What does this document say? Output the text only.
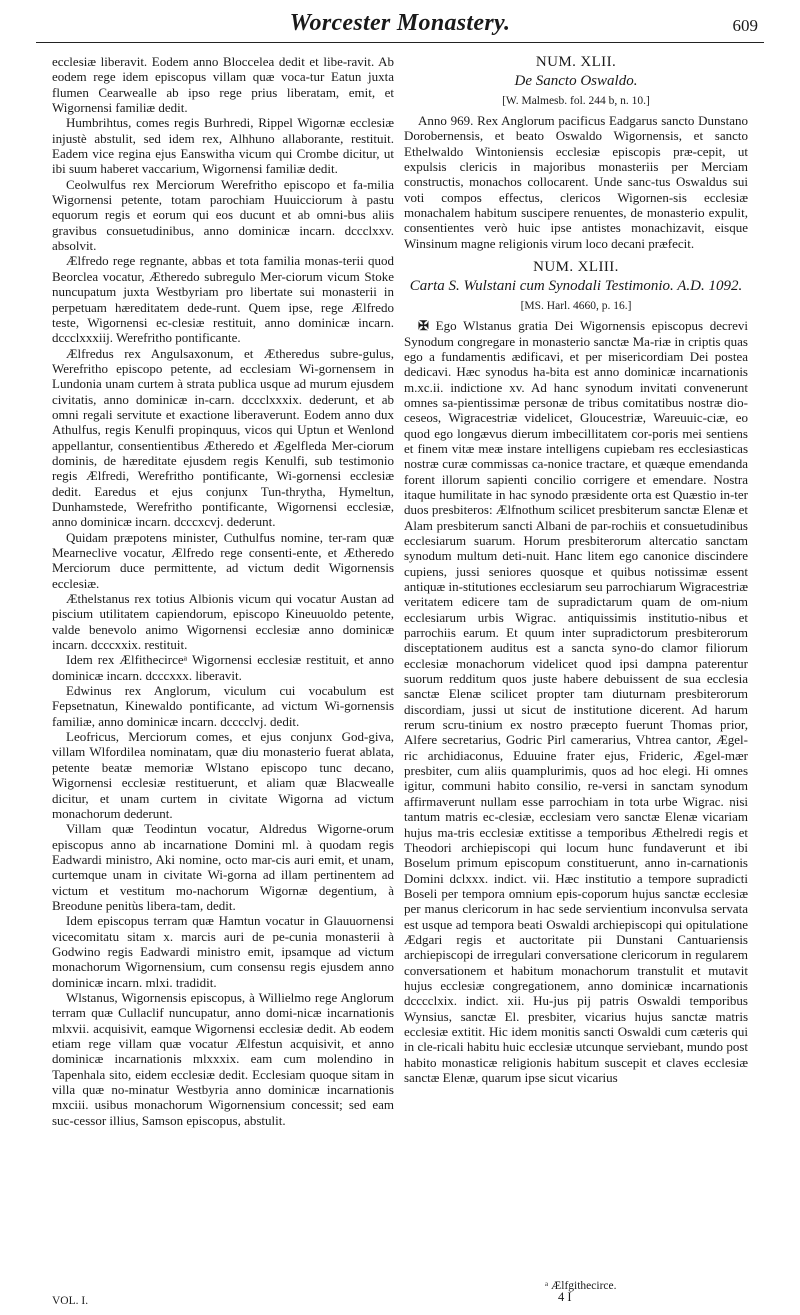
Worcester Monastery.	609

ecclesiæ liberavit. Eodem anno Bloccelea dedit et libe-ravit. Ab eodem rege idem episcopus villam quæ voca-tur Eatun juxta flumen Cearwealle ab ipso rege prius liberatam, emit, et Wigornensi familiæ dedit.

Humbrihtus, comes regis Burhredi, Rippel Wigornæ ecclesiæ injustè abstulit, sed idem rex, Alhhuno allaborante, restituit. Eadem vice regina ejus Eanswitha vicum qui Crombe dicitur, ut ibi suum haberet vaccarium, Wigornensi familiæ dedit.

Ceolwulfus rex Merciorum Werefritho episcopo et fa-milia Wigornensi petente, totam parochiam Huuicciorum à pastu equorum regis et eorum qui eos ducunt et ab omni-bus aliis gravibus consuetudinibus, anno dominicæ incarn. dccclxxv. absolvit.

Ælfredo rege regnante, abbas et tota familia monas-terii quod Beorclea vocatur, Ætheredo subregulo Mer-ciorum vicum Stoke nuncupatum juxta Westbyriam pro libertate sui monasterii in perpetuam hæreditatem dede-runt. Quem ipse, rege Ælfredo teste, Wigornensi ec-clesiæ restituit, anno dominicæ incarn. dccclxxxiij. Werefritho pontificante.

Ælfredus rex Angulsaxonum, et Ætheredus subre-gulus, Werefritho episcopo petente, ad ecclesiam Wi-gornensem in Lundonia unam curtem à strata publica usque ad murum ejusdem civitatis, anno dominicæ in-carn. dccclxxxix. dederunt, et ab omni regali servitute et exactione liberaverunt. Eodem anno dux Athulfus, regis Kenulfi propinquus, vicos qui Uptun et Wenlond appellantur, consentientibus Ætheredo et Ægelfleda Mer-ciorum dominis, de hæreditate ejusdem regis Kenulfi, sub testimonio regis Ælfredi, Werefritho pontificante, Wi-gornensi ecclesiæ dedit. Earedus et ejus conjunx Tun-thrytha, Hymeltun, Dunhamstede, Werefritho pontificante, Wigornensi ecclesiæ, anno dominicæ incarn. dcccxcvj. dederunt.

Quidam præpotens minister, Cuthulfus nomine, ter-ram quæ Mearneclive vocatur, Ælfredo rege consenti-ente, et Ætheredo Merciorum duce permittente, ad victum dedit Wigornensis ecclesiæ.

Æthelstanus rex totius Albionis vicum qui vocatur Austan ad piscium utilitatem capiendorum, episcopo Kineuuoldo petente, valde benevolo animo Wigornensi ecclesiæ anno dominicæ incarn. dcccxxix. restituit.

Idem rex Ælfithecirceᵃ Wigornensi ecclesiæ restituit, et anno dominicæ incarn. dcccxxx. liberavit.

Edwinus rex Anglorum, viculum cui vocabulum est Fepsetnatun, Kinewaldo pontificante, ad victum Wi-gornensis familiæ, anno dominicæ incarn. dcccclvj. dedit.

Leofricus, Merciorum comes, et ejus conjunx God-giva, villam Wlfordilea nominatam, quæ diu monasterio fuerat ablata, petente beatæ memoriæ Wlstano episcopo tunc decano, Wigornensi ecclesiæ restituerunt, et aliam quæ Blacwealle dicitur, et unam curtem in civitate Wigorna ad victum monachorum dederunt.

Villam quæ Teodintun vocatur, Aldredus Wigorne-orum episcopus anno ab incarnatione Domini ml. à quodam regis Eadwardi ministro, Aki nomine, octo mar-cis auri emit, et unam, curtemque unam in civitate Wi-gorna ad illam pertinentem ad victum et vestitum mo-nachorum Wigornæ degentium, à Breodune penitùs libera-tam, dedit.

Idem episcopus terram quæ Hamtun vocatur in Glauuornensi vicecomitatu sitam x. marcis auri de pe-cunia monasterii à Godwino regis Eadwardi ministro emit, ipsamque ad victum monachorum Wigornensium, cum consensu regis ejusdem anno dominicæ incarn. mlxi. tradidit.

Wlstanus, Wigornensis episcopus, à Willielmo rege Anglorum terram quæ Cullaclif nuncupatur, anno domi-nicæ incarnationis mlxvii. acquisivit, eamque Wigornensi ecclesiæ dedit. Ab eodem etiam rege villam quæ vocatur Ælfestun acquisivit, et anno dominicæ incarnationis mlxxxix. eam cum molendino in Tapenhala sito, eidem ecclesiæ dedit. Ecclesiam quoque sitam in villa quæ no-minatur Westbyria anno dominicæ incarnationis mxciii. usibus monachorum Wigornensium concessit; sed eam suc-cessor illius, Samson episcopus, abstulit.

NUM. XLII.
De Sancto Oswaldo.
[W. Malmesb. fol. 244 b, n. 10.]

Anno 969. Rex Anglorum pacificus Eadgarus sancto Dunstano Dorobernensis, et beato Oswaldo Wigornensis, et sancto Ethelwaldo Wintoniensis ecclesiæ episcopis præ-cepit, ut expulsis clericis in majoribus monasteriis per Merciam constructis, monachos collocarent. Unde sanc-tus Oswaldus sui voti compos effectus, clericos Wigornen-sis ecclesiæ monachalem habitum suscipere renuentes, de monasterio expulit, consentientes verò huic ipse antistes monachizavit, eisque Winsinum magne religionis virum loco decani præfecit.

NUM. XLIII.
Carta S. Wulstani cum Synodali Testimonio. A.D. 1092.
[MS. Harl. 4660, p. 16.]

✠ Ego Wlstanus gratia Dei Wigornensis episcopus decrevi Synodum congregare in monasterio sanctæ Ma-riæ in criptis quas ego a fundamentis ædificavi, et per misericordiam Dei postea dedicavi. Hæc synodus ha-bita est anno dominicæ incarnationis m.xc.ii. indictione xv. Ad hanc synodum invitati convenerunt omnes sa-pientissimæ personæ de tribus comitatibus nostræ dio-ceseos, Wigracestriæ videlicet, Gloucestriæ, Wareuuic-ciæ, eo quod ego longævus dierum imbecillitatem cor-poris mei sentiens et finem vitæ meæ instare intelligens cupiebam res ecclesiasticas nostræ curæ commissas ca-nonice tractare, et quæque emendanda forent illorum sapienti concilio corrigere et emendare. Nostra itaque humilitate in hac synodo præsidente orta est Quæstio in-ter duos presbiteros: Ælfnothum scilicet presbiterum sanctæ Elenæ et Alam presbiterum sancti Albani de par-rochiis et consuetudinibus ecclesiarum suarum. Horum presbiterorum altercatio sanctam synodum multum deti-nuit. Hanc litem ego canonice discindere cupiens, jussi seniores quosque et quibus notissimæ essent antiquæ in-stitutiones ecclesiarum seu parrochiarum Wigracestriæ veritatem edicere tam de supradictarum quam de om-nium ecclesiarum urbis Wigrac. antiquissimis institutio-nibus et parrochiis earum. Et quum inter supradictorum presbiterorum disceptationem auditus est a sancta syno-do clamor filiorum ecclesiæ monachorum videlicet quod ipsi dampna paterentur suorum redditum quos juste habere debuissent de sua ecclesia sanctæ Elenæ scilicet propter tam diuturnam presbiterorum discordiam, jussi ut sicut de institutione dicerent. Ad harum rerum scru-tinium ex nostro præcepto fuerunt Thomas prior, Alfere secretarius, Godric Pirl camerarius, Vhtrea cantor, Ægel-ric archidiaconus, Eduuine frater ejus, Frideric, Ægel-mær presbiter, cum aliis quamplurimis, quos ad hoc elegi. Hi omnes igitur, communi habito consilio, re-versi in sanctam synodum affirmaverunt nullam esse parrochiam in tota urbe Wigrac. nisi tantum matris ec-clesiæ, ecclesiam vero sanctæ Elenæ vicariam hujus ma-tris ecclesiæ extitisse a temporibus Æthelredi regis et Theodori archiepiscopi qui locum hunc fundaverunt et ibi Boselum primum episcopum constituerunt, anno in-carnationis Domini dclxxx. indict. vii. Hæc institutio a tempore supradicti Boseli per tempora omnium epis-coporum hujus sanctæ ecclesiæ per manus clericorum in hac sede servientium inconvulsa servata est usque ad tempora beati Oswaldi archiepiscopi qui opitulatione Ædgari regis et auctoritate pii Dunstani Cantuariensis archiepiscopi de irregulari conversatione clericorum in regularem conversationem et habitum monachorum transtulit et mutavit hujus ecclesiæ congregationem, anno dominicæ incarnationis dcccclxix. indict. xii. Hu-jus pij patris Oswaldi temporibus Wynsius, sanctæ El. presbiter, vicarius hujus sanctæ matris ecclesiæ extitit. Hic idem monitis sancti Oswaldi cum cæteris qui in cle-ricali habitu huic ecclesiæ utcunque serviebant, mundo post habito monasticæ religionis habitum suscepit et claves ecclesiæ sanctæ Elenæ, quarum ipse sicut vicarius

ᵃ Ælfgithecirce.
VOL. I.	4 I
